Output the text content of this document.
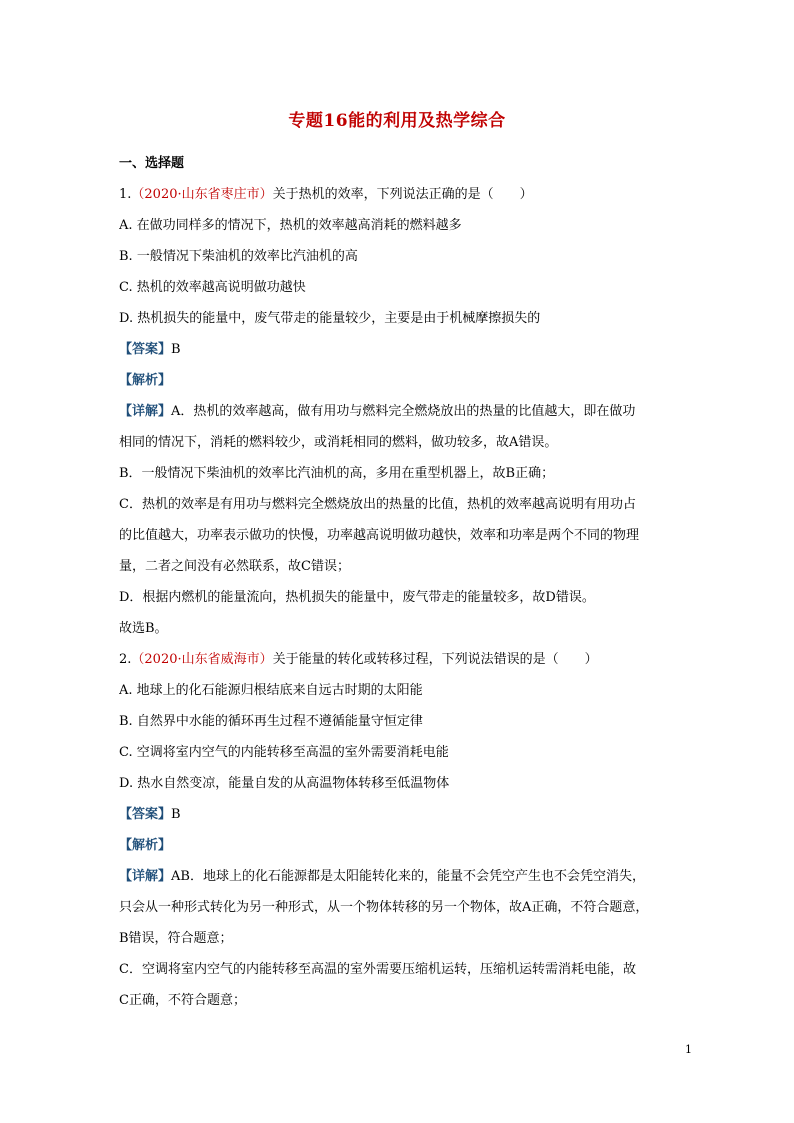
专题16能的利用及热学综合
一、选择题
1.（2020·山东省枣庄市）关于热机的效率，下列说法正确的是（　　）
A. 在做功同样多的情况下，热机的效率越高消耗的燃料越多
B. 一般情况下柴油机的效率比汽油机的高
C. 热机的效率越高说明做功越快
D. 热机损失的能量中，废气带走的能量较少，主要是由于机械摩擦损失的
【答案】B
【解析】
【详解】A．热机的效率越高，做有用功与燃料完全燃烧放出的热量的比值越大，即在做功
相同的情况下，消耗的燃料较少，或消耗相同的燃料，做功较多，故A错误。
B．一般情况下柴油机的效率比汽油机的高，多用在重型机器上，故B正确；
C．热机的效率是有用功与燃料完全燃烧放出的热量的比值，热机的效率越高说明有用功占
的比值越大，功率表示做功的快慢，功率越高说明做功越快，效率和功率是两个不同的物理
量，二者之间没有必然联系，故C错误；
D．根据内燃机的能量流向，热机损失的能量中，废气带走的能量较多，故D错误。
故选B。
2.（2020·山东省威海市）关于能量的转化或转移过程，下列说法错误的是（　　）
A. 地球上的化石能源归根结底来自远古时期的太阳能
B. 自然界中水能的循环再生过程不遵循能量守恒定律
C. 空调将室内空气的内能转移至高温的室外需要消耗电能
D. 热水自然变凉，能量自发的从高温物体转移至低温物体
【答案】B
【解析】
【详解】AB．地球上的化石能源都是太阳能转化来的，能量不会凭空产生也不会凭空消失，
只会从一种形式转化为另一种形式，从一个物体转移的另一个物体，故A正确，不符合题意，
B错误，符合题意；
C．空调将室内空气的内能转移至高温的室外需要压缩机运转，压缩机运转需消耗电能，故
C正确，不符合题意；
1
